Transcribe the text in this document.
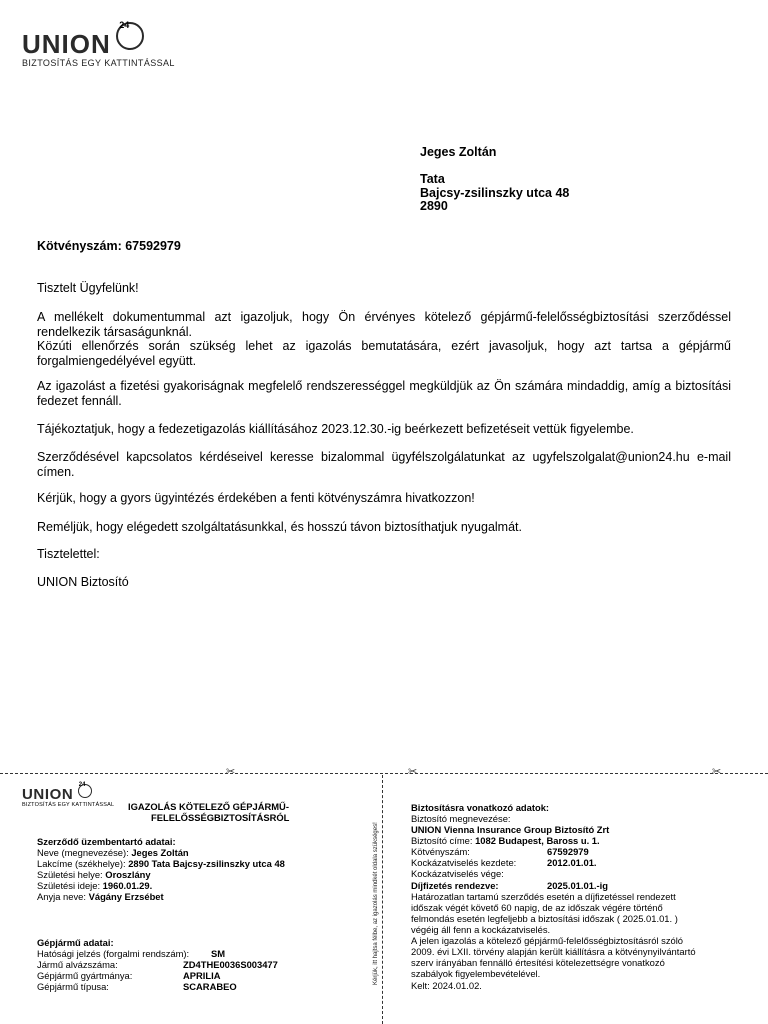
UNION
24
BIZTOSÍTÁS EGY KATTINTÁSSAL
Jeges Zoltán
Tata
Bajcsy-zsilinszky utca 48
2890
Kötvényszám: 67592979
Tisztelt Ügyfelünk!
A mellékelt dokumentummal azt igazoljuk, hogy Ön érvényes kötelező gépjármű-felelősségbiztosítási szerződéssel rendelkezik társaságunknál.
Közúti ellenőrzés során szükség lehet az igazolás bemutatására, ezért javasoljuk, hogy azt tartsa a gépjármű forgalmiengedélyével együtt.
Az igazolást a fizetési gyakoriságnak megfelelő rendszerességgel megküldjük az Ön számára mindaddig, amíg a biztosítási fedezet fennáll.
Tájékoztatjuk, hogy a fedezetigazolás kiállításához 2023.12.30.-ig beérkezett befizetéseit vettük figyelembe.
Szerződésével kapcsolatos kérdéseivel keresse bizalommal ügyfélszolgálatunkat az ugyfelszolgalat@union24.hu e-mail címen.
Kérjük, hogy a gyors ügyintézés érdekében a fenti kötvényszámra hivatkozzon!
Reméljük, hogy elégedett szolgáltatásunkkal, és hosszú távon biztosíthatjuk nyugalmát.
Tisztelettel:
UNION Biztosító
✂	✂	✂
Kérjük, itt hajtsa félbe, az igazolás mindkét oldala szükséges!
UNION
24
BIZTOSÍTÁS EGY KATTINTÁSSAL IGAZOLÁS KÖTELEZŐ GÉPJÁRMŰ-
FELELŐSSÉGBIZTOSÍTÁSRÓL
Szerződő üzembentartó adatai:
Neve (megnevezése): Jeges Zoltán
Lakcíme (székhelye): 2890 Tata Bajcsy-zsilinszky utca 48
Születési helye: Oroszlány
Születési ideje: 1960.01.29.
Anyja neve: Vágány Erzsébet
Gépjármű adatai:
Hatósági jelzés (forgalmi rendszám): SM
Jármű alvázszáma:	ZD4THE0036S003477
Gépjármű gyártmánya:	APRILIA
Gépjármű típusa:	SCARABEO
Biztosításra vonatkozó adatok:
Biztosító megnevezése:
UNION Vienna Insurance Group Biztosító Zrt
Biztosító címe: 1082 Budapest, Baross u. 1.
Kötvényszám:	67592979
Kockázatviselés kezdete:	2012.01.01.
Kockázatviselés vége:
Díjfizetés rendezve:	2025.01.01.-ig
Határozatlan tartamú szerződés esetén a díjfizetéssel rendezett
időszak végét követő 60 napig, de az időszak végére történő
felmondás esetén legfeljebb a biztosítási időszak ( 2025.01.01. )
végéig áll fenn a kockázatviselés.
A jelen igazolás a kötelező gépjármű-felelősségbiztosításról szóló
2009. évi LXII. törvény alapján került kiállításra a kötvénynyilvántartó
szerv irányában fennálló értesítési kötelezettségre vonatkozó
szabályok figyelembevételével.
Kelt: 2024.01.02.
